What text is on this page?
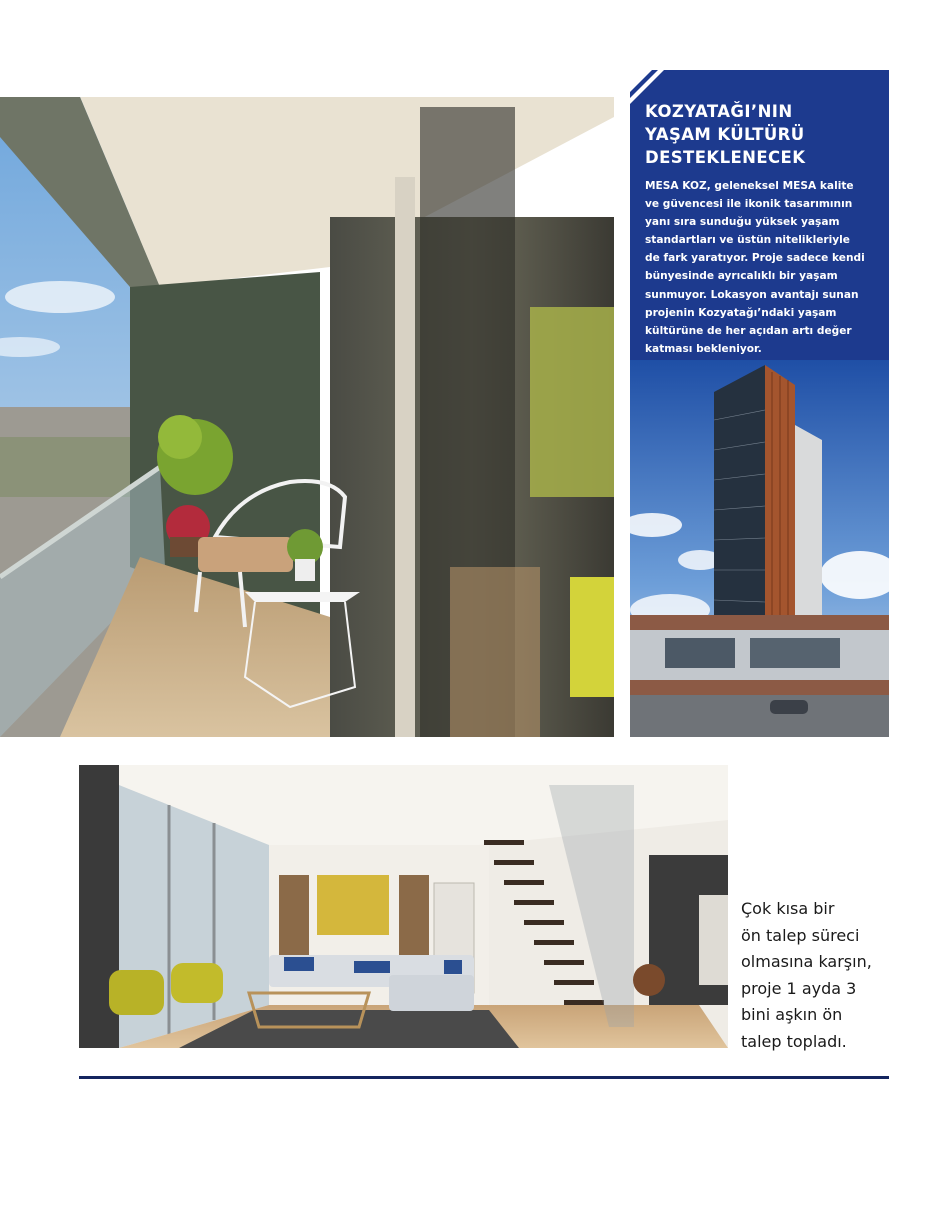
KOZYATAĞI’NIN
YAŞAM KÜLTÜRÜ
DESTEKLENECEK

MESA KOZ, geleneksel MESA kalite
ve güvencesi ile ikonik tasarımının
yanı sıra sunduğu yüksek yaşam
standartları ve üstün nitelikleriyle
de fark yaratıyor. Proje sadece kendi
bünyesinde ayrıcalıklı bir yaşam
sunmuyor. Lokasyon avantajı sunan
projenin Kozyatağı’ndaki yaşam
kültürüne de her açıdan artı değer
katması bekleniyor.

Çok kısa bir
ön talep süreci
olmasına karşın,
proje 1 ayda 3
bini aşkın ön
talep topladı.
